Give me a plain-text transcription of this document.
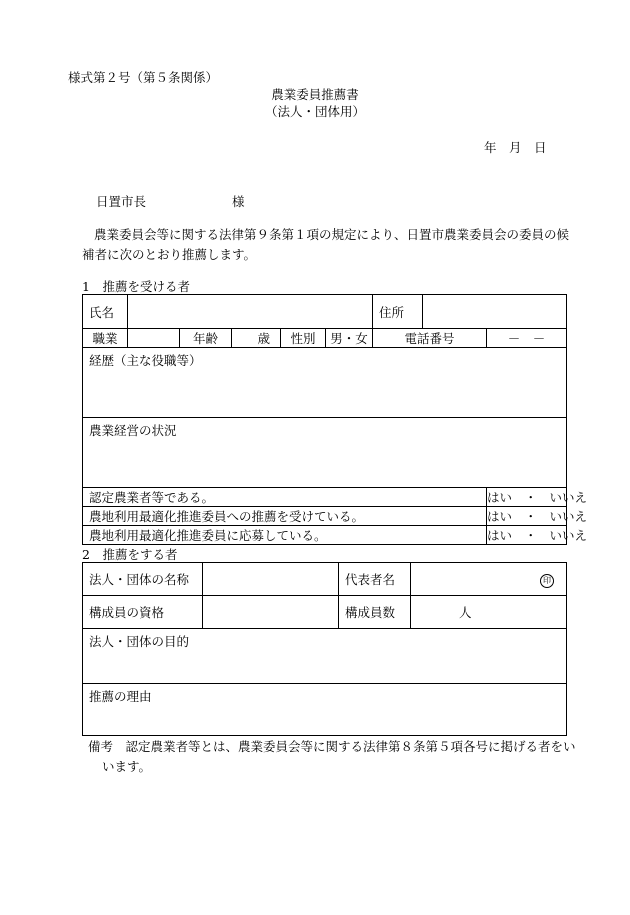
様式第２号（第５条関係）
農業委員推薦書
（法人・団体用）
年　月　日
日置市長	様
農業委員会等に関する法律第９条第１項の規定により、日置市農業委員会の委員の候補者に次のとおり推薦します。
1　推薦を受ける者
氏名						住所		
職業		年齢	歳	性別	男・女	電話番号		－　－
経歴（主な役職等）								
農業経営の状況								
認定農業者等である。								はい　・　いいえ
農地利用最適化推進委員への推薦を受けている。								はい　・　いいえ
農地利用最適化推進委員に応募している。								はい　・　いいえ
2　推薦をする者
法人・団体の名称		代表者名	印
構成員の資格		構成員数	人
法人・団体の目的			
推薦の理由			
備考　認定農業者等とは、農業委員会等に関する法律第８条第５項各号に掲げる者をいいます。
